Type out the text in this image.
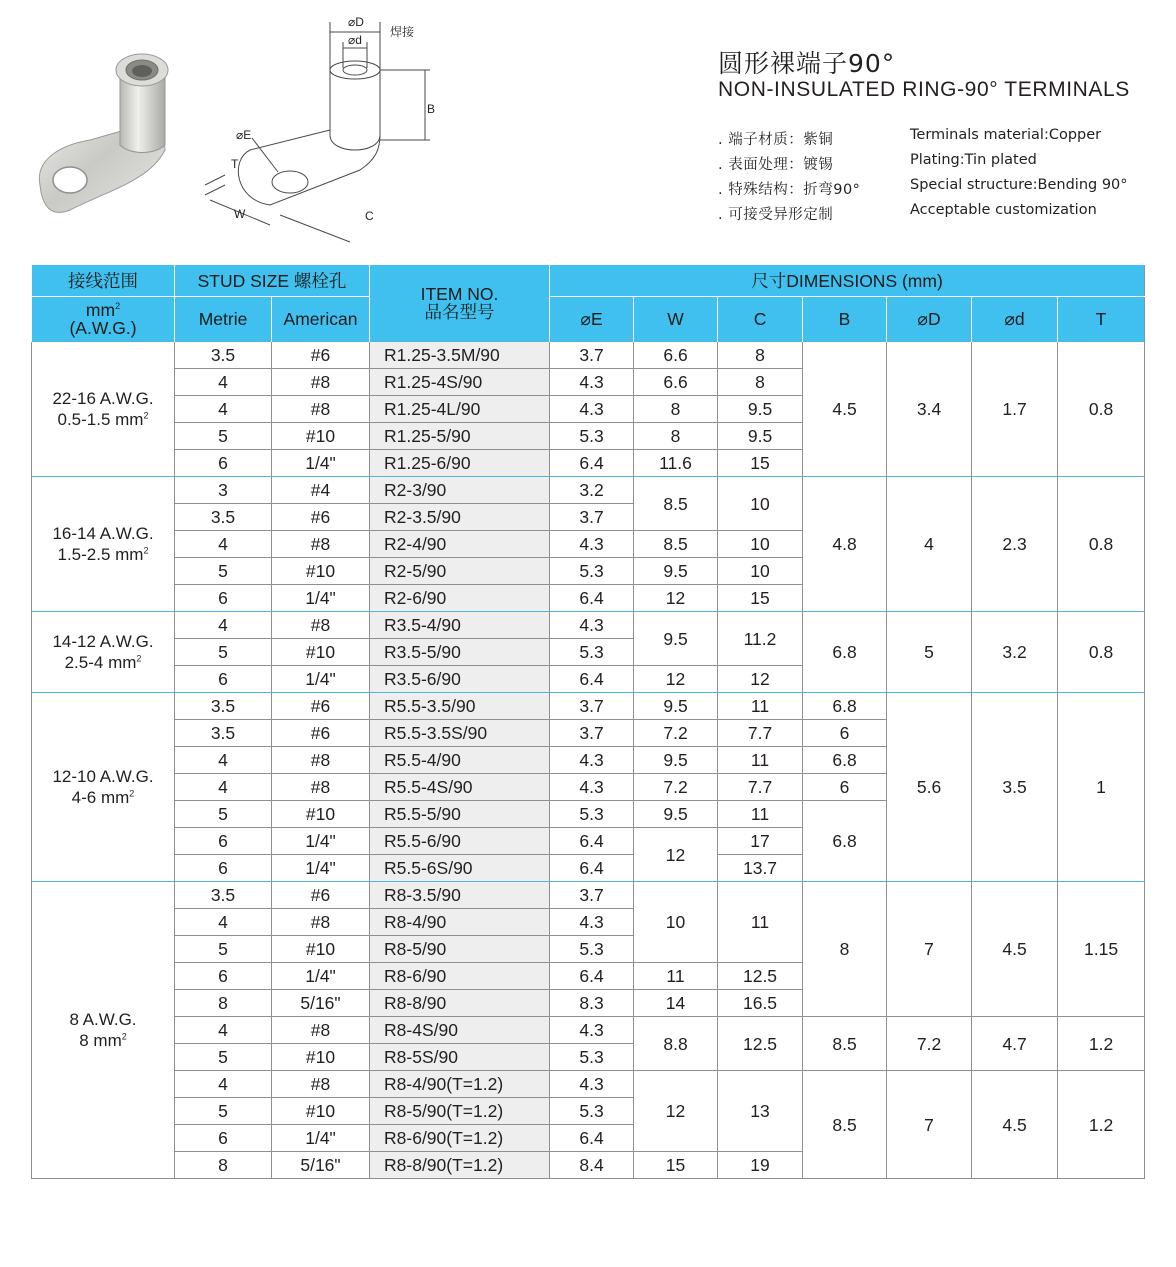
⌀D
⌀d
焊接
B
⌀E
T
W	C
圆形裸端子90°
NON-INSULATED RING-90° TERMINALS
. 端子材质：紫铜	Terminals material:Copper
. 表面处理：镀锡	Plating:Tin plated
. 特殊结构：折弯90°	Special structure:Bending 90°
. 可接受异形定制	Acceptable customization
接线范围	STUD SIZE 螺栓孔		ITEM NO.
品名型号	尺寸DIMENSIONS (mm)						
$mm^2$
(A.W.G.)	Metrie	American		⌀E	W	C	B	⌀D	⌀d	T
22-16 A.W.G.
0.5-1.5 $mm^2$	3.5	#6	R1.25-3.5M/90	3.7	6.6	8	4.5	3.4	1.7	0.8
	4	#8	R1.25-4S/90	4.3	6.6	8				
	4	#8	R1.25-4L/90	4.3	8	9.5				
	5	#10	R1.25-5/90	5.3	8	9.5				
	6	1/4"	R1.25-6/90	6.4	11.6	15				
16-14 A.W.G.
1.5-2.5 $mm^2$	3	#4	R2-3/90	3.2	8.5	10	4.8	4	2.3	0.8
	3.5	#6	R2-3.5/90	3.7						
	4	#8	R2-4/90	4.3	8.5	10				
	5	#10	R2-5/90	5.3	9.5	10				
	6	1/4"	R2-6/90	6.4	12	15				
14-12 A.W.G.
2.5-4 $mm^2$	4	#8	R3.5-4/90	4.3	9.5	11.2	6.8	5	3.2	0.8
	5	#10	R3.5-5/90	5.3						
	6	1/4"	R3.5-6/90	6.4	12	12				
12-10 A.W.G.
4-6 $mm^2$	3.5	#6	R5.5-3.5/90	3.7	9.5	11	6.8	5.6	3.5	1
	3.5	#6	R5.5-3.5S/90	3.7	7.2	7.7	6			
	4	#8	R5.5-4/90	4.3	9.5	11	6.8			
	4	#8	R5.5-4S/90	4.3	7.2	7.7	6			
	5	#10	R5.5-5/90	5.3	9.5	11	6.8			
	6	1/4"	R5.5-6/90	6.4	12	17				
	6	1/4"	R5.5-6S/90	6.4		13.7				
8 A.W.G.
8 $mm^2$	3.5	#6	R8-3.5/90	3.7	10	11	8	7	4.5	1.15
	4	#8	R8-4/90	4.3						
	5	#10	R8-5/90	5.3						
	6	1/4"	R8-6/90	6.4	11	12.5				
	8	5/16"	R8-8/90	8.3	14	16.5				
	4	#8	R8-4S/90	4.3	8.8	12.5	8.5	7.2	4.7	1.2
	5	#10	R8-5S/90	5.3						
	4	#8	R8-4/90(T=1.2)	4.3	12	13	8.5	7	4.5	1.2
	5	#10	R8-5/90(T=1.2)	5.3						
	6	1/4"	R8-6/90(T=1.2)	6.4						
	8	5/16"	R8-8/90(T=1.2)	8.4	15	19				
